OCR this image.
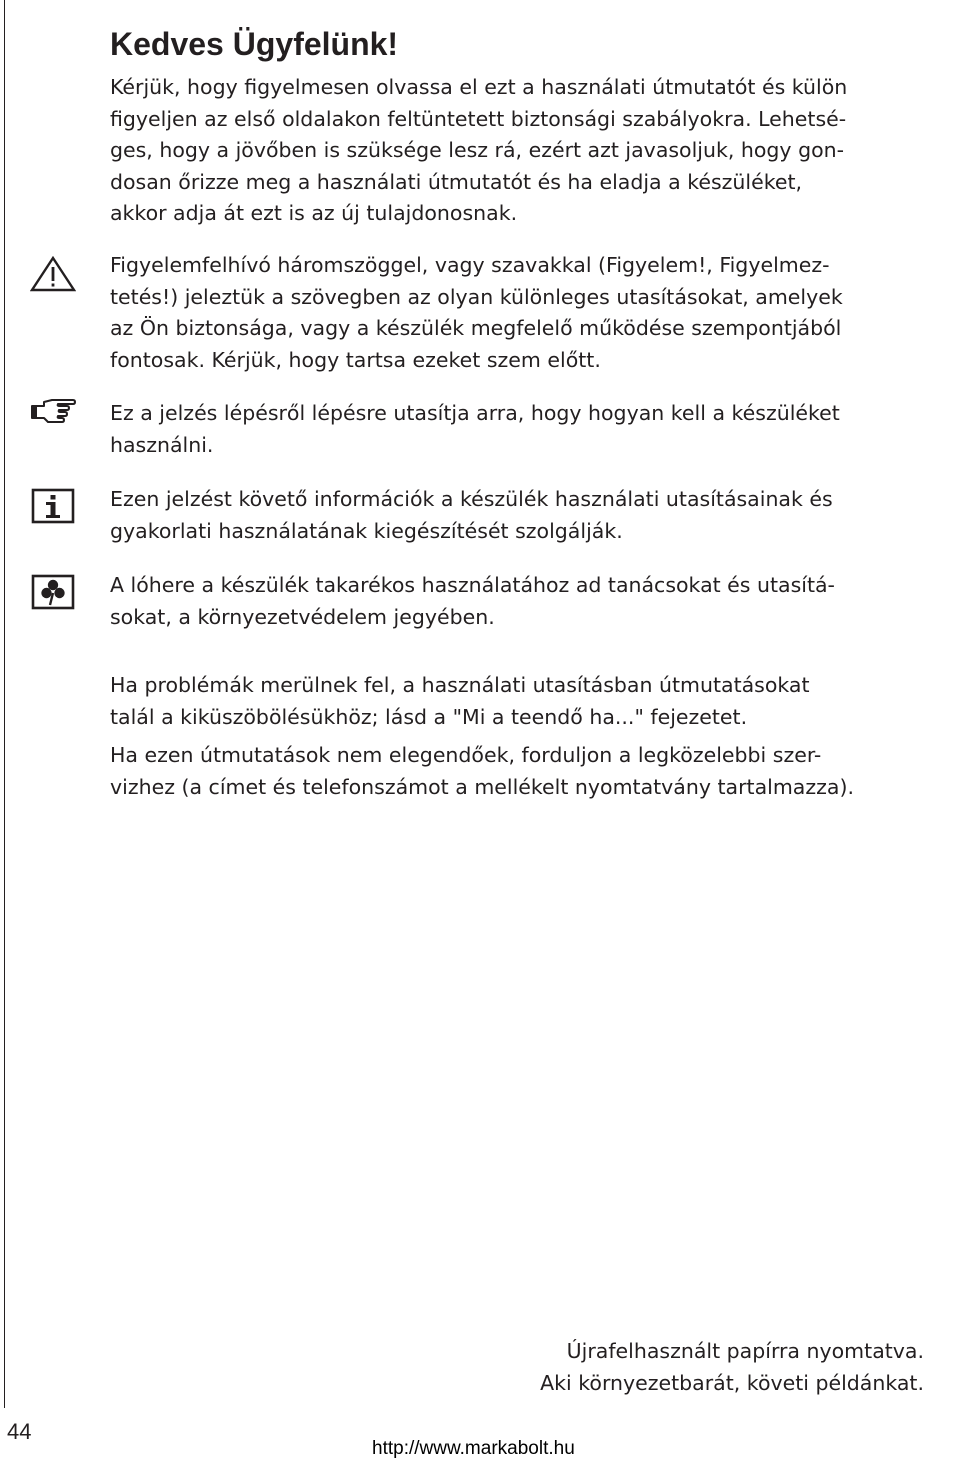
Kedves Ügyfelünk!

Kérjük, hogy figyelmesen olvassa el ezt a használati útmutatót és külön
figyeljen az első oldalakon feltüntetett biztonsági szabályokra. Lehetsé-
ges, hogy a jövőben is szüksége lesz rá, ezért azt javasoljuk, hogy gon-
dosan őrizze meg a használati útmutatót és ha eladja a készüléket,
akkor adja át ezt is az új tulajdonosnak.

Figyelemfelhívó háromszöggel, vagy szavakkal (Figyelem!, Figyelmez-
tetés!) jeleztük a szövegben az olyan különleges utasításokat, amelyek
az Ön biztonsága, vagy a készülék megfelelő működése szempontjából
fontosak. Kérjük, hogy tartsa ezeket szem előtt.

Ez a jelzés lépésről lépésre utasítja arra, hogy hogyan kell a készüléket
használni.

Ezen jelzést követő információk a készülék használati utasításainak és
gyakorlati használatának kiegészítését szolgálják.

A lóhere a készülék takarékos használatához ad tanácsokat és utasítá-
sokat, a környezetvédelem jegyében.

Ha problémák merülnek fel, a használati utasításban útmutatásokat
talál a kiküszöbölésükhöz; lásd a "Mi a teendő ha..." fejezetet.

Ha ezen útmutatások nem elegendőek, forduljon a legközelebbi szer-
vizhez (a címet és telefonszámot a mellékelt nyomtatvány tartalmazza).

Újrafelhasznált papírra nyomtatva.
Aki környezetbarát, követi példánkat.
44
http://www.markabolt.hu
